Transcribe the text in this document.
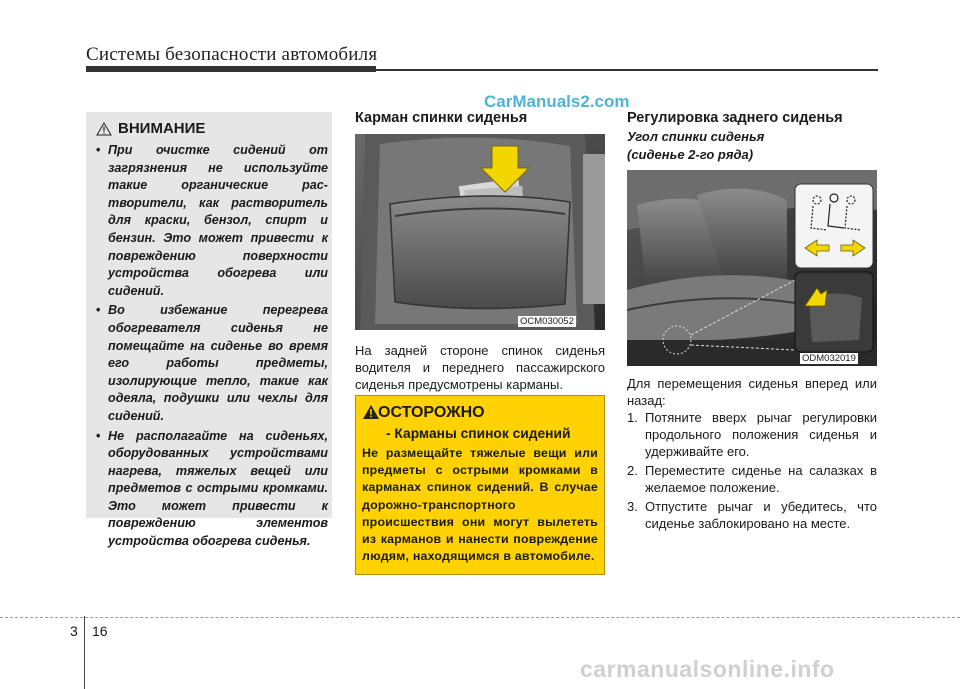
Системы безопасности автомобиля
CarManuals2.com
ВНИМАНИЕ
• При очистке сидений от загрязнения не используйте такие органические рас-творители, как растворитель для краски, бензол, спирт и бензин. Это может привести к повреждению поверхности устройства обогрева или сидений.
• Во избежание перегрева обогревателя сиденья не помещайте на сиденье во время его работы предметы, изолирующие тепло, такие как одеяла, подушки или чехлы для сидений.
• Не располагайте на сиденьях, оборудованных устройствами нагрева, тяжелых вещей или предметов с острыми кромками. Это может привести к повреждению элементов устройства обогрева сиденья.
Карман спинки сиденья
OCM030052
На задней стороне спинок сиденья водителя и переднего пассажирского сиденья предусмотрены карманы.
ОСТОРОЖНО
- Карманы спинок сидений
Не размещайте тяжелые вещи или предметы с острыми кромками в карманах спинок сидений. В случае дорожно-транспортного происшествия они могут вылететь из карманов и нанести повреждение людям, находящимся в автомобиле.
Регулировка заднего сиденья
Угол спинки сиденья
(сиденье 2-го ряда)
ODM032019
Для перемещения сиденья вперед или назад:
1. Потяните вверх рычаг регулировки продольного положения сиденья и удерживайте его.
2. Переместите сиденье на салазках в желаемое положение.
3. Отпустите рычаг и убедитесь, что сиденье заблокировано на месте.
3 16
carmanualsonline.info
